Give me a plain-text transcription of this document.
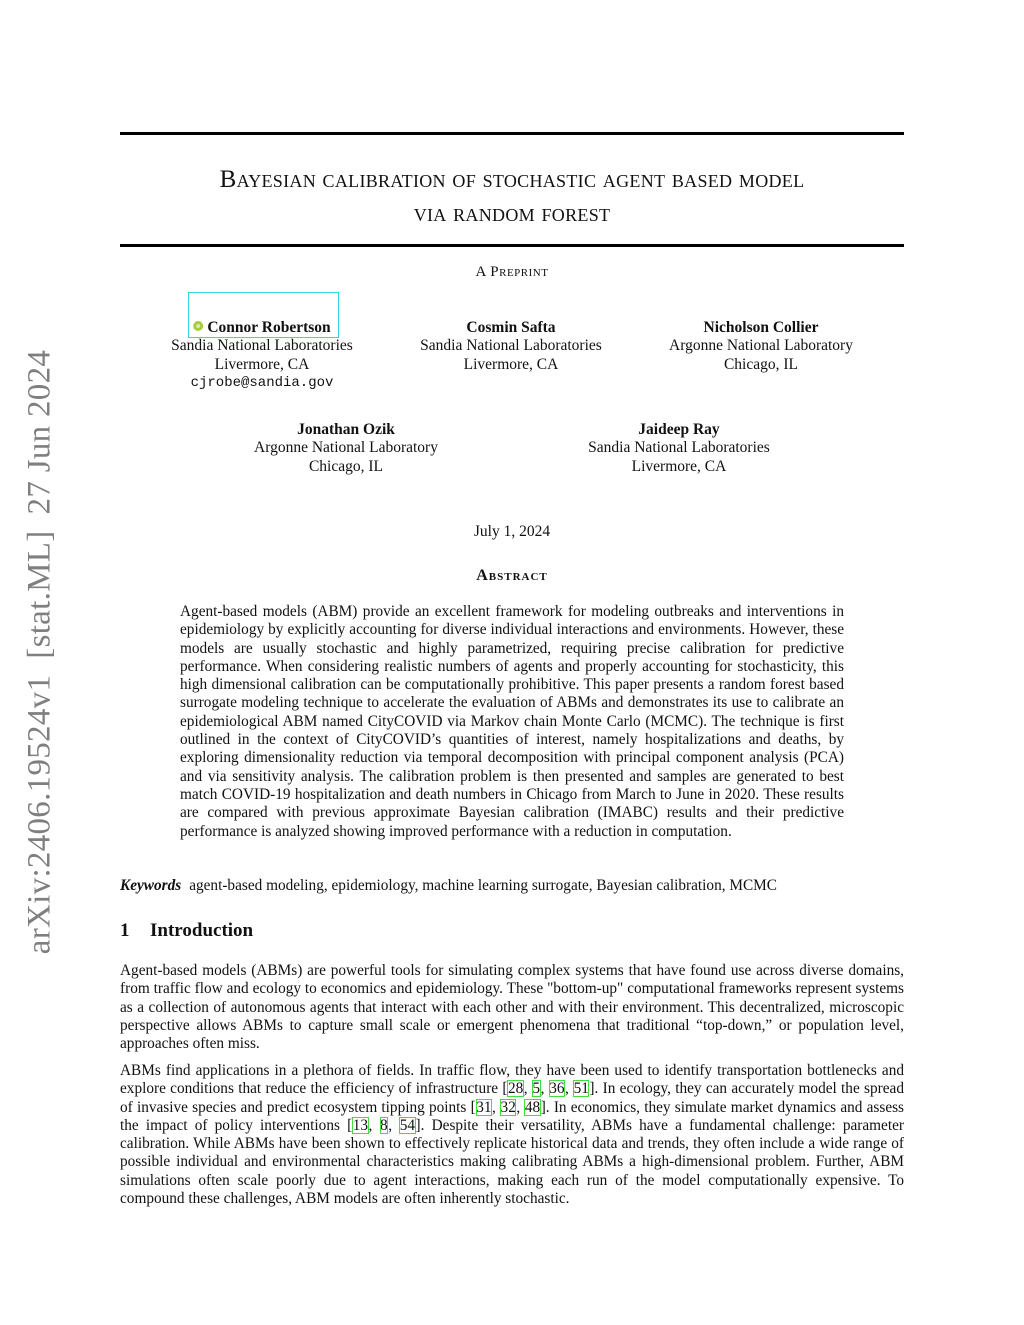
Bayesian calibration of stochastic agent based model
via random forest
A Preprint
Connor Robertson
Sandia National Laboratories
Livermore, CA
cjrobe@sandia.gov
Cosmin Safta
Sandia National Laboratories
Livermore, CA
Nicholson Collier
Argonne National Laboratory
Chicago, IL
Jonathan Ozik
Argonne National Laboratory
Chicago, IL
Jaideep Ray
Sandia National Laboratories
Livermore, CA
July 1, 2024
Abstract
Agent-based models (ABM) provide an excellent framework for modeling outbreaks and interventions in epidemiology by explicitly accounting for diverse individual interactions and environments. However, these models are usually stochastic and highly parametrized, requiring precise calibration for predictive performance. When considering realistic numbers of agents and properly accounting for stochasticity, this high dimensional calibration can be computationally prohibitive. This paper presents a random forest based surrogate modeling technique to accelerate the evaluation of ABMs and demonstrates its use to calibrate an epidemiological ABM named CityCOVID via Markov chain Monte Carlo (MCMC). The technique is first outlined in the context of CityCOVID’s quantities of interest, namely hospitalizations and deaths, by exploring dimensionality reduction via temporal decomposition with principal component analysis (PCA) and via sensitivity analysis. The calibration problem is then presented and samples are generated to best match COVID-19 hospitalization and death numbers in Chicago from March to June in 2020. These results are compared with previous approximate Bayesian calibration (IMABC) results and their predictive performance is analyzed showing improved performance with a reduction in computation.
Keywords agent-based modeling, epidemiology, machine learning surrogate, Bayesian calibration, MCMC
1 Introduction
Agent-based models (ABMs) are powerful tools for simulating complex systems that have found use across diverse domains, from traffic flow and ecology to economics and epidemiology. These "bottom-up" computational frameworks represent systems as a collection of autonomous agents that interact with each other and with their environment. This decentralized, microscopic perspective allows ABMs to capture small scale or emergent phenomena that traditional “top-down,” or population level, approaches often miss.
ABMs find applications in a plethora of fields. In traffic flow, they have been used to identify transportation bottlenecks and explore conditions that reduce the efficiency of infrastructure [28, 5, 36, 51]. In ecology, they can accurately model the spread of invasive species and predict ecosystem tipping points [31, 32, 48]. In economics, they simulate market dynamics and assess the impact of policy interventions [13, 8, 54]. Despite their versatility, ABMs have a fundamental challenge: parameter calibration. While ABMs have been shown to effectively replicate historical data and trends, they often include a wide range of possible individual and environmental characteristics making calibrating ABMs a high-dimensional problem. Further, ABM simulations often scale poorly due to agent interactions, making each run of the model computationally expensive. To compound these challenges, ABM models are often inherently stochastic.
arXiv:2406.19524v1[stat.ML]27 Jun 2024
